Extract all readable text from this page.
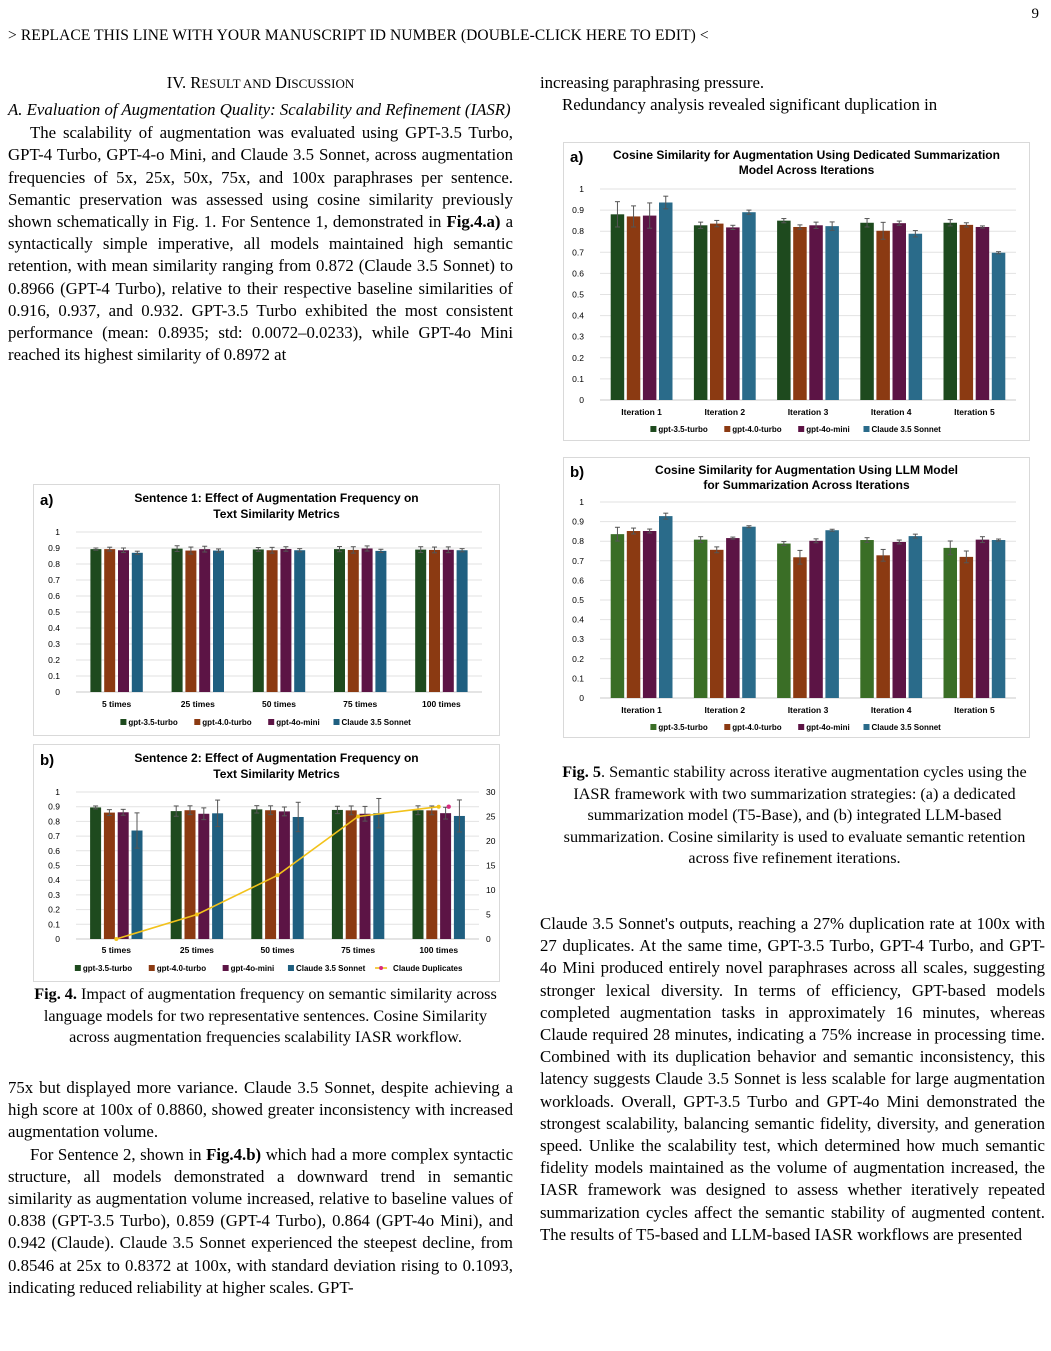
9
> REPLACE THIS LINE WITH YOUR MANUSCRIPT ID NUMBER (DOUBLE-CLICK HERE TO EDIT) <
IV. RESULT AND DISCUSSION
A. Evaluation of Augmentation Quality: Scalability and Refinement (IASR)

The scalability of augmentation was evaluated using GPT-3.5 Turbo, GPT-4 Turbo, GPT-4-o Mini, and Claude 3.5 Sonnet, across augmentation frequencies of 5x, 25x, 50x, 75x, and 100x paraphrases per sentence. Semantic preservation was assessed using cosine similarity previously shown schematically in Fig. 1. For Sentence 1, demonstrated in Fig.4.a) a syntactically simple imperative, all models maintained high semantic retention, with mean similarity ranging from 0.872 (Claude 3.5 Sonnet) to 0.8966 (GPT-4 Turbo), relative to their respective baseline similarities of 0.916, 0.937, and 0.932. GPT-3.5 Turbo exhibited the most consistent performance (mean: 0.8935; std: 0.0072–0.0233), while GPT-4o Mini reached its highest similarity of 0.8972 at

a)	Sentence 1: Effect of Augmentation Frequency on
Text Similarity Metrics
0
0.1
0.2
0.3
0.4
0.5
0.6
0.7
0.8
0.9
1
5 times	25 times	50 times	75 times	100 times
gpt-3.5-turbo	gpt-4.0-turbo	gpt-4o-mini	Claude 3.5 Sonnet
b)	Sentence 2: Effect of Augmentation Frequency on
Text Similarity Metrics
0
0.1
0.2
0.3
0.4
0.5
0.6
0.7
0.8
0.9
1
0
5
10
15
20
25
30
5 times	25 times	50 times	75 times	100 times
gpt-3.5-turbo	gpt-4.0-turbo	gpt-4o-mini	Claude 3.5 Sonnet	Claude Duplicates
Fig. 4. Impact of augmentation frequency on semantic similarity across language models for two representative sentences. Cosine Similarity across augmentation frequencies scalability IASR workflow.

75x but displayed more variance. Claude 3.5 Sonnet, despite achieving a high score at 100x of 0.8860, showed greater inconsistency with increased augmentation volume.

For Sentence 2, shown in Fig.4.b) which had a more complex syntactic structure, all models demonstrated a downward trend in semantic similarity as augmentation volume increased, relative to baseline values of 0.838 (GPT-3.5 Turbo), 0.859 (GPT-4 Turbo), 0.864 (GPT-4o Mini), and 0.942 (Claude). Claude 3.5 Sonnet experienced the steepest decline, from 0.8546 at 25x to 0.8372 at 100x, with standard deviation rising to 0.1093, indicating reduced reliability at higher scales. GPT-

increasing paraphrasing pressure.

Redundancy analysis revealed significant duplication in

a) Cosine Similarity for Augmentation Using Dedicated Summarization
Model Across Iterations
0
0.1
0.2
0.3
0.4
0.5
0.6
0.7
0.8
0.9
1
Iteration 1	Iteration 2	Iteration 3	Iteration 4	Iteration 5
gpt-3.5-turbo	gpt-4.0-turbo	gpt-4o-mini	Claude 3.5 Sonnet
b)	Cosine Similarity for Augmentation Using LLM Model
for Summarization Across Iterations
0
0.1
0.2
0.3
0.4
0.5
0.6
0.7
0.8
0.9
1
Iteration 1	Iteration 2	Iteration 3	Iteration 4	Iteration 5
gpt-3.5-turbo	gpt-4.0-turbo	gpt-4o-mini	Claude 3.5 Sonnet
Fig. 5. Semantic stability across iterative augmentation cycles using the IASR framework with two summarization strategies: (a) a dedicated summarization model (T5-Base), and (b) integrated LLM-based summarization. Cosine similarity is used to evaluate semantic retention across five refinement iterations.

Claude 3.5 Sonnet's outputs, reaching a 27% duplication rate at 100x with 27 duplicates. At the same time, GPT-3.5 Turbo, GPT-4 Turbo, and GPT-4o Mini produced entirely novel paraphrases across all scales, suggesting stronger lexical diversity. In terms of efficiency, GPT-based models completed augmentation tasks in approximately 16 minutes, whereas Claude required 28 minutes, indicating a 75% increase in processing time. Combined with its duplication behavior and semantic inconsistency, this latency suggests Claude 3.5 Sonnet is less scalable for large augmentation workloads. Overall, GPT-3.5 Turbo and GPT-4o Mini demonstrated the strongest scalability, balancing semantic fidelity, diversity, and generation speed. Unlike the scalability test, which determined how much semantic fidelity models maintained as the volume of augmentation increased, the IASR framework was designed to assess whether iteratively repeated summarization cycles affect the semantic stability of augmented content. The results of T5-based and LLM-based IASR workflows are presented
